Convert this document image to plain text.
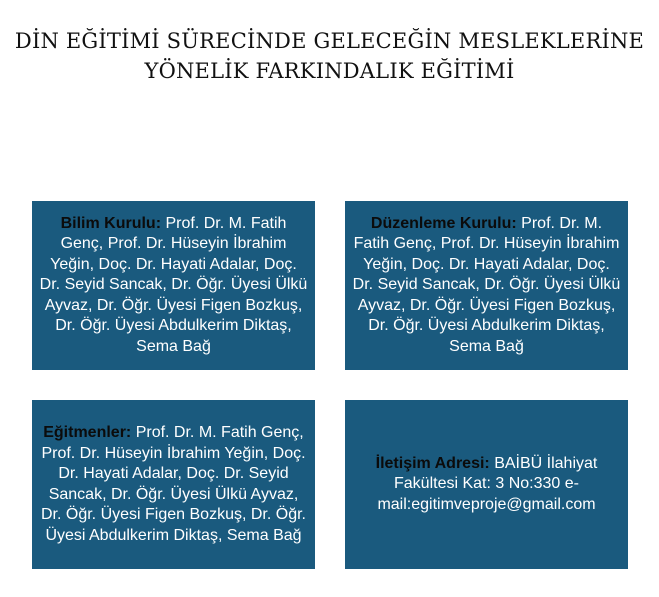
DİN EĞİTİMİ SÜRECİNDE GELECEĞİN MESLEKLERİNE
YÖNELİK FARKINDALIK EĞİTİMİ
Bilim Kurulu: Prof. Dr. M. Fatih Genç, Prof. Dr. Hüseyin İbrahim Yeğin, Doç. Dr. Hayati Adalar, Doç. Dr. Seyid Sancak, Dr. Öğr. Üyesi Ülkü Ayvaz, Dr. Öğr. Üyesi Figen Bozkuş, Dr. Öğr. Üyesi Abdulkerim Diktaş, Sema Bağ
Düzenleme Kurulu: Prof. Dr. M. Fatih Genç, Prof. Dr. Hüseyin İbrahim Yeğin, Doç. Dr. Hayati Adalar, Doç. Dr. Seyid Sancak, Dr. Öğr. Üyesi Ülkü Ayvaz, Dr. Öğr. Üyesi Figen Bozkuş, Dr. Öğr. Üyesi Abdulkerim Diktaş, Sema Bağ
Eğitmenler: Prof. Dr. M. Fatih Genç, Prof. Dr. Hüseyin İbrahim Yeğin, Doç. Dr. Hayati Adalar, Doç. Dr. Seyid Sancak, Dr. Öğr. Üyesi Ülkü Ayvaz, Dr. Öğr. Üyesi Figen Bozkuş, Dr. Öğr. Üyesi Abdulkerim Diktaş, Sema Bağ
İletişim Adresi: BAİBÜ İlahiyat Fakültesi Kat: 3 No:330 e-mail:egitimveproje@gmail.com
